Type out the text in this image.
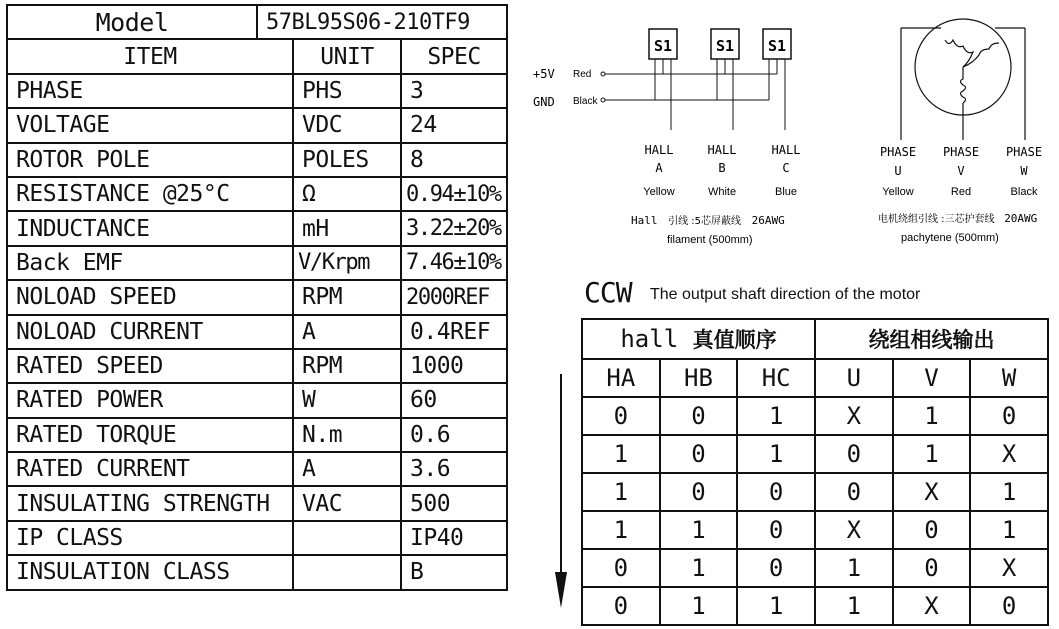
Model	57BL95S06-210TF9		
ITEM		UNIT	SPEC
PHASE		PHS	3
VOLTAGE		VDC	24
ROTOR POLE		POLES	8
RESISTANCE @25°C		Ω	0.94±10%
INDUCTANCE		mH	3.22±20%
Back EMF		V/Krpm	7.46±10%
NOLOAD SPEED		RPM	2000REF
NOLOAD CURRENT		A	0.4REF
RATED SPEED		RPM	1000
RATED POWER		W	60
RATED TORQUE		N.m	0.6
RATED CURRENT		A	3.6
INSULATING STRENGTH		VAC	500
IP CLASS			IP40
INSULATION CLASS			B
S1	S1 S1
+5V
GND
Red
Black
HALL
A
HALL
B
HALL
C
Yellow	White	Blue
Hall 引线 :5芯屏蔽线 26AWG
filament (500mm)
PHASE
U
PHASE
V
PHASE
W
Yellow	Red	Black
电机绕组引线 :三芯护套线 20AWG
pachytene (500mm)
CCW The output shaft direction of the motor
hall 真值顺序			绕组相线输出		
HA	HB	HC	U	V	W
0	0	1	X	1	0
1	0	1	0	1	X
1	0	0	0	X	1
1	1	0	X	0	1
0	1	0	1	0	X
0	1	1	1	X	0
